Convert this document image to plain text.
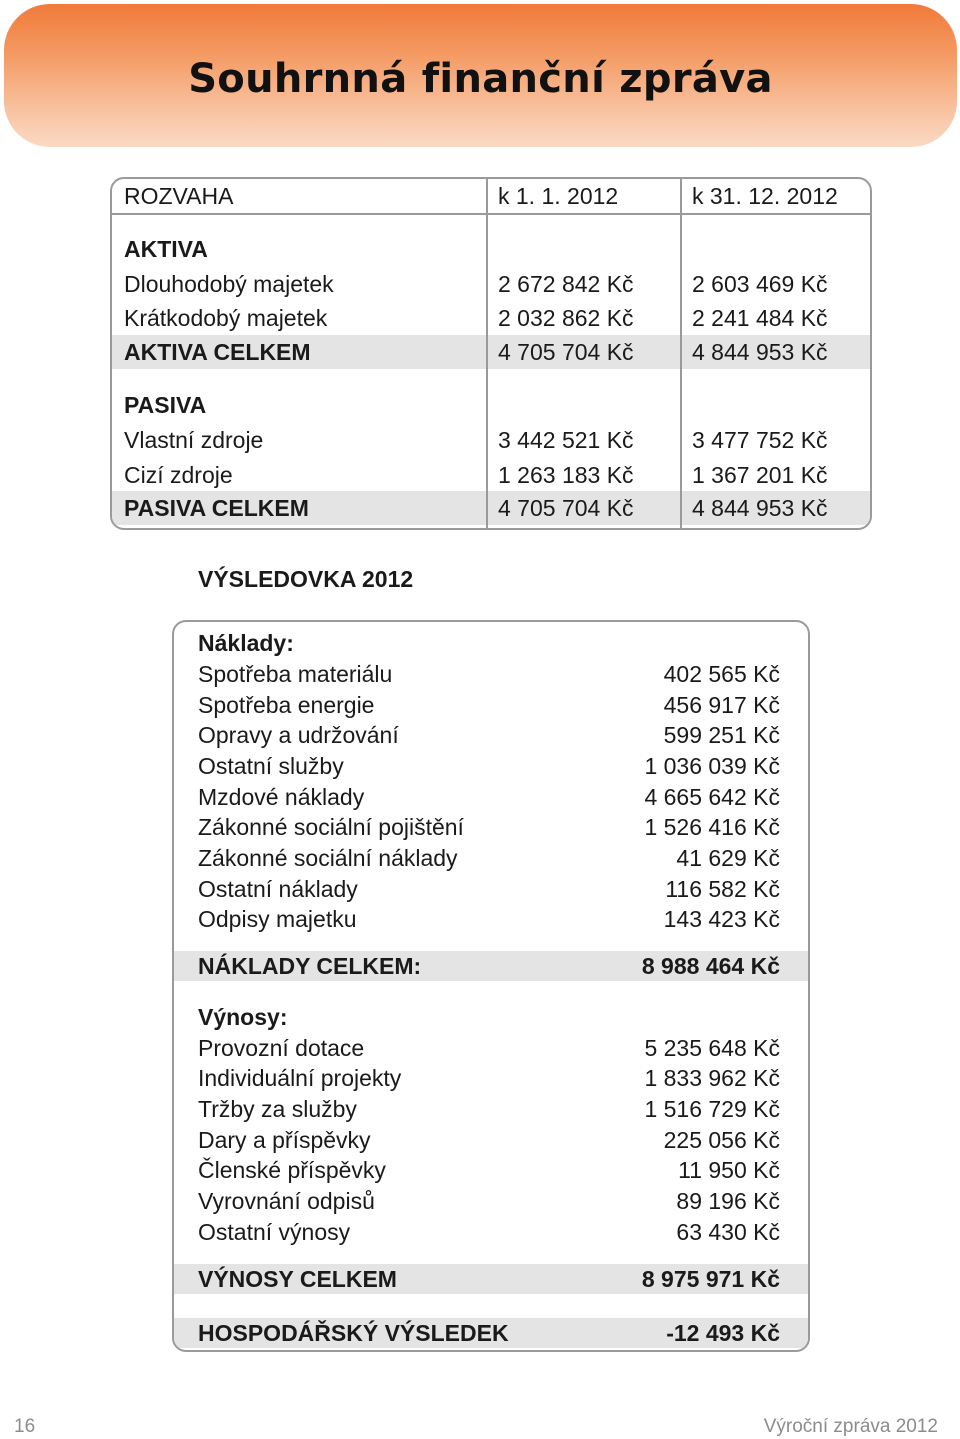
Souhrnná finanční zpráva
ROZVAHA	k 1. 1. 2012	k 31. 12. 2012
AKTIVA
Dlouhodobý majetek	2 672 842 Kč	2 603 469 Kč
Krátkodobý majetek	2 032 862 Kč	2 241 484 Kč
AKTIVA CELKEM	4 705 704 Kč	4 844 953 Kč
PASIVA
Vlastní zdroje	3 442 521 Kč	3 477 752 Kč
Cizí zdroje	1 263 183 Kč	1 367 201 Kč
PASIVA CELKEM	4 705 704 Kč	4 844 953 Kč
VÝSLEDOVKA 2012
Náklady:
Spotřeba materiálu	402 565 Kč
Spotřeba energie	456 917 Kč
Opravy a udržování	599 251 Kč
Ostatní služby	1 036 039 Kč
Mzdové náklady	4 665 642 Kč
Zákonné sociální pojištění	1 526 416 Kč
Zákonné sociální náklady	41 629 Kč
Ostatní náklady	116 582 Kč
Odpisy majetku	143 423 Kč
NÁKLADY CELKEM:	8 988 464 Kč
Výnosy:
Provozní dotace	5 235 648 Kč
Individuální projekty	1 833 962 Kč
Tržby za služby	1 516 729 Kč
Dary a příspěvky	225 056 Kč
Členské příspěvky	11 950 Kč
Vyrovnání odpisů	89 196 Kč
Ostatní výnosy	63 430 Kč
VÝNOSY CELKEM	8 975 971 Kč
HOSPODÁŘSKÝ VÝSLEDEK	-12 493 Kč
16	Výroční zpráva 2012
